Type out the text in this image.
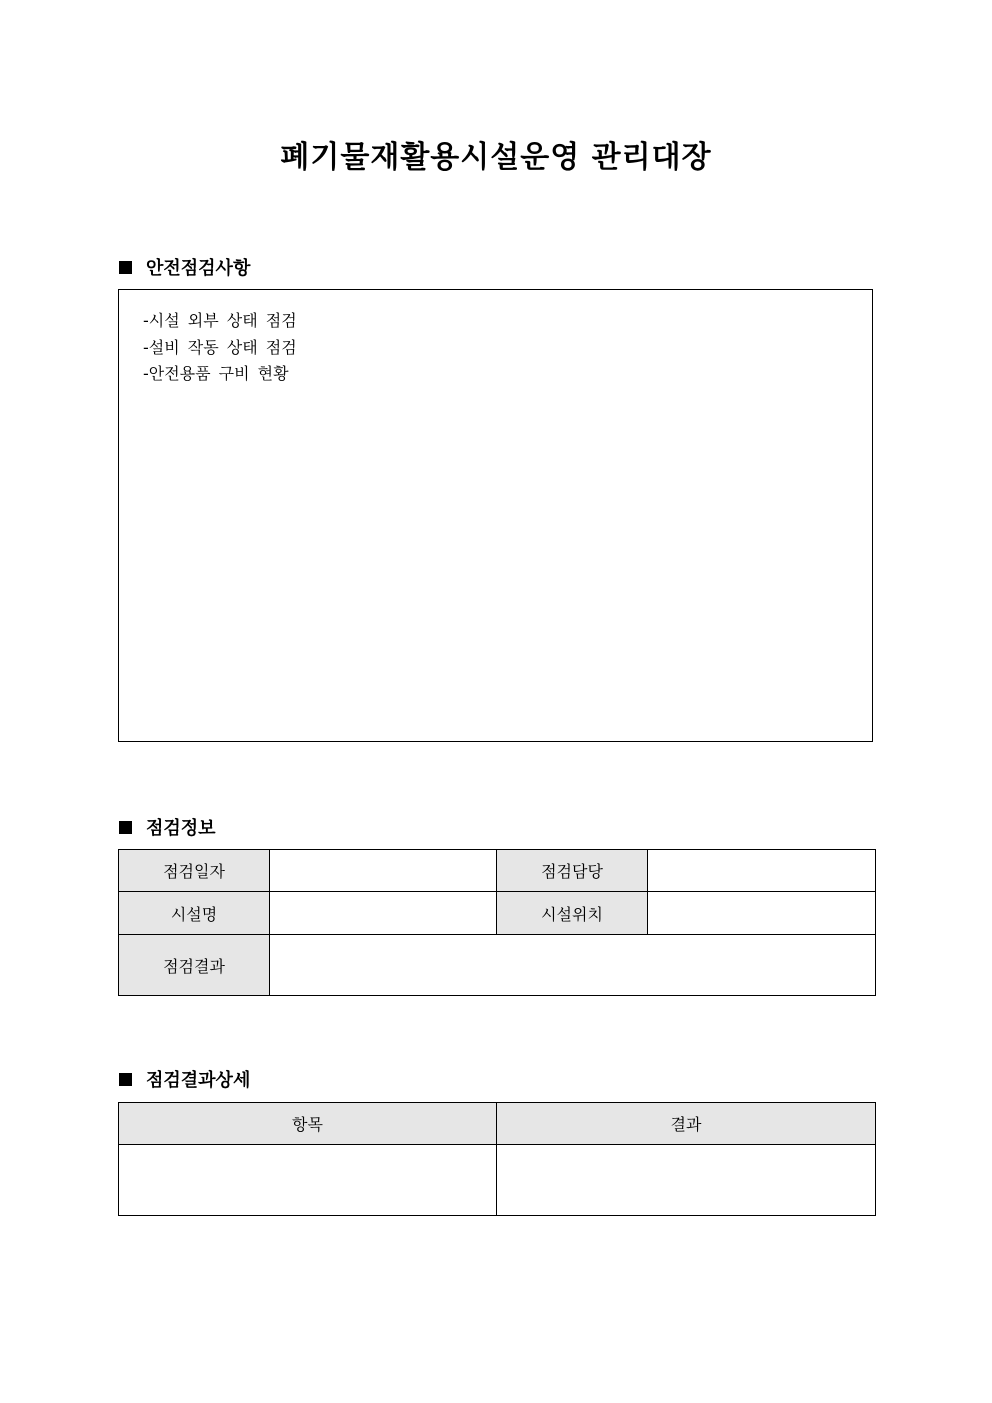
폐기물재활용시설운영 관리대장
안전점검사항
-시설 외부 상태 점검
-설비 작동 상태 점검
-안전용품 구비 현황
점검정보
점검일자		점검담당	
시설명		시설위치	
점검결과			
점검결과상세
항목	결과
